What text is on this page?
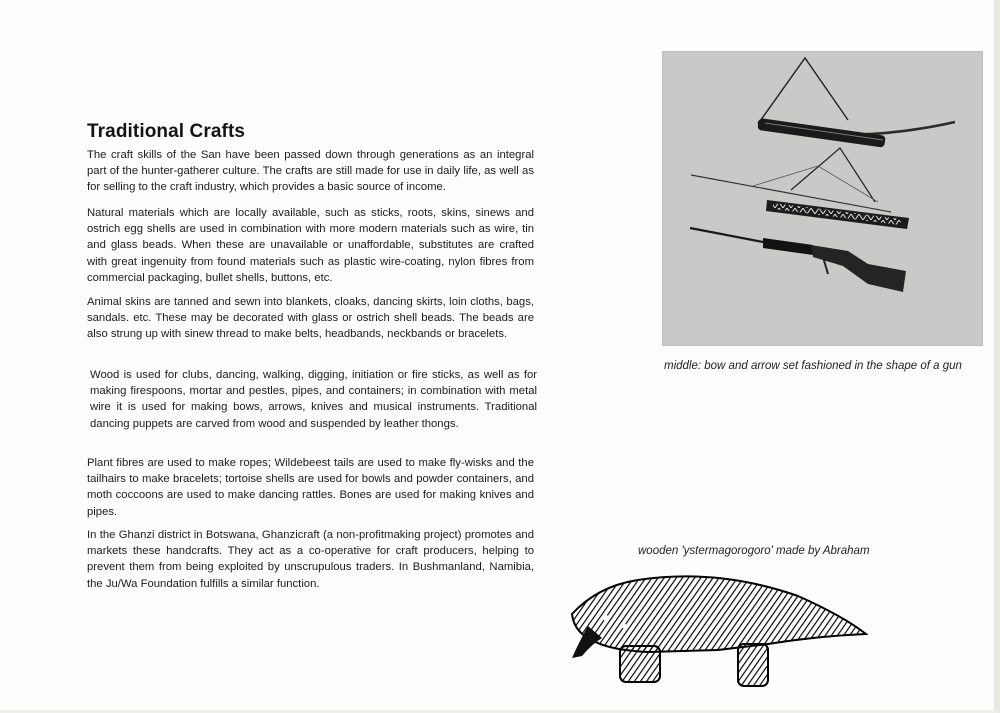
Traditional Crafts

The craft skills of the San have been passed down through generations as an integral part of the hunter-gatherer culture. The crafts are still made for use in daily life, as well as for selling to the craft industry, which provides a basic source of income.

Natural materials which are locally available, such as sticks, roots, skins, sinews and ostrich egg shells are used in combination with more modern materials such as wire, tin and glass beads. When these are unavailable or unaffordable, substitutes are crafted with great ingenuity from found materials such as plastic wire-coating, nylon fibres from commercial packaging, bullet shells, buttons, etc.

Animal skins are tanned and sewn into blankets, cloaks, dancing skirts, loin cloths, bags, sandals. etc. These may be decorated with glass or ostrich shell beads. The beads are also strung up with sinew thread to make belts, headbands, neckbands or bracelets.

Wood is used for clubs, dancing, walking, digging, initiation or fire sticks, as well as for making firespoons, mortar and pestles, pipes, and containers; in combination with metal wire it is used for making bows, arrows, knives and musical instruments. Traditional dancing puppets are carved from wood and suspended by leather thongs.

Plant fibres are used to make ropes; Wildebeest tails are used to make fly-wisks and the tailhairs to make bracelets; tortoise shells are used for bowls and powder containers, and moth coccoons are used to make dancing rattles. Bones are used for making knives and pipes.

In the Ghanzi district in Botswana, Ghanzicraft (a non-profitmaking project) promotes and markets these handcrafts. They act as a co-operative for craft producers, helping to prevent them from being exploited by unscrupulous traders. In Bushmanland, Namibia, the Ju/Wa Foundation fulfills a similar function.

middle: bow and arrow set fashioned in the shape of a gun

wooden 'ystermagorogoro' made by Abraham
